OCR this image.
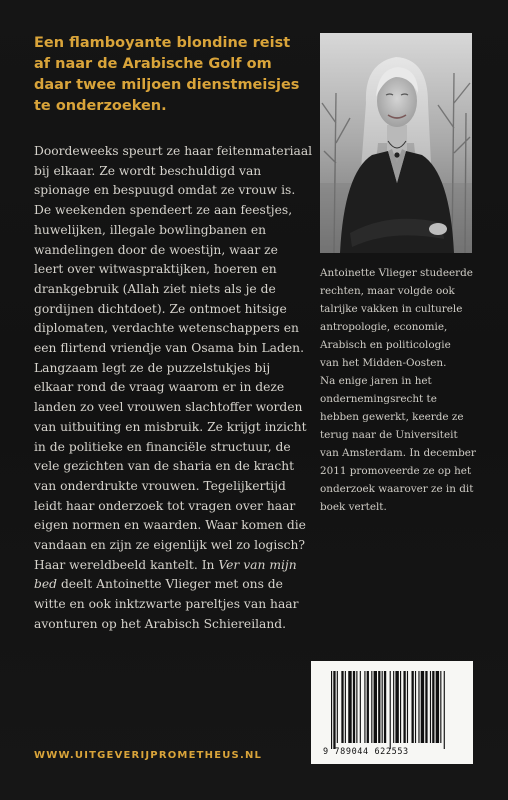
Een flamboyante blondine reist
af naar de Arabische Golf om
daar twee miljoen dienstmeisjes
te onderzoeken.
Doordeweeks speurt ze haar feitenmateriaal
bij elkaar. Ze wordt beschuldigd van
spionage en bespuugd omdat ze vrouw is.
De weekenden spendeert ze aan feestjes,
huwelijken, illegale bowlingbanen en
wandelingen door de woestijn, waar ze
leert over witwaspraktijken, hoeren en
drankgebruik (Allah ziet niets als je de
gordijnen dichtdoet). Ze ontmoet hitsige
diplomaten, verdachte wetenschappers en
een flirtend vriendje van Osama bin Laden.
Langzaam legt ze de puzzelstukjes bij
elkaar rond de vraag waarom er in deze
landen zo veel vrouwen slachtoffer worden
van uitbuiting en misbruik. Ze krijgt inzicht
in de politieke en financiële structuur, de
vele gezichten van de sharia en de kracht
van onderdrukte vrouwen. Tegelijkertijd
leidt haar onderzoek tot vragen over haar
eigen normen en waarden. Waar komen die
vandaan en zijn ze eigenlijk wel zo logisch?
Haar wereldbeeld kantelt. In Ver van mijn
bed deelt Antoinette Vlieger met ons de
witte en ook inktzwarte pareltjes van haar
avonturen op het Arabisch Schiereiland.
Antoinette Vlieger studeerde
rechten, maar volgde ook
talrijke vakken in culturele
antropologie, economie,
Arabisch en politicologie
van het Midden-Oosten.
Na enige jaren in het
ondernemingsrecht te
hebben gewerkt, keerde ze
terug naar de Universiteit
van Amsterdam. In december
2011 promoveerde ze op het
onderzoek waarover ze in dit
boek vertelt.
9 789044 622553
WWW.UITGEVERIJPROMETHEUS.NL
